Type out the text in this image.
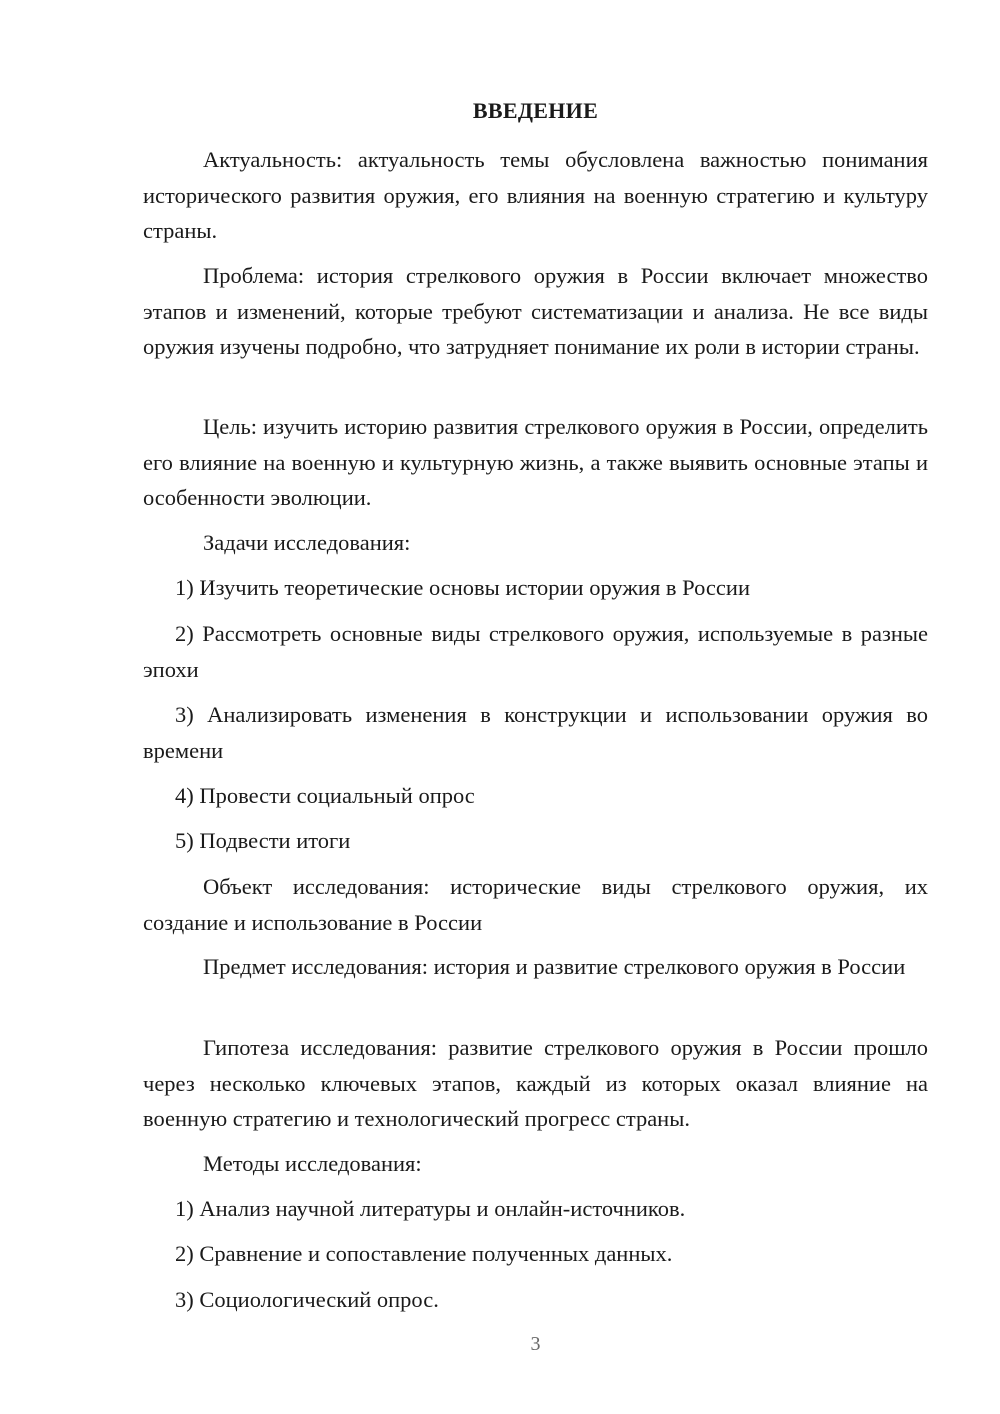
ВВЕДЕНИЕ

Актуальность: актуальность темы обусловлена важностью понимания исторического развития оружия, его влияния на военную стратегию и культуру страны.

Проблема: история стрелкового оружия в России включает множество этапов и изменений, которые требуют систематизации и анализа. Не все виды оружия изучены подробно, что затрудняет понимание их роли в истории страны.

Цель: изучить историю развития стрелкового оружия в России, определить его влияние на военную и культурную жизнь, а также выявить основные этапы и особенности эволюции.

Задачи исследования:

1) Изучить теоретические основы истории оружия в России

2) Рассмотреть основные виды стрелкового оружия, используемые в разные эпохи

3) Анализировать изменения в конструкции и использовании оружия во времени

4) Провести социальный опрос

5) Подвести итоги

Объект исследования: исторические виды стрелкового оружия, их создание и использование в России

Предмет исследования: история и развитие стрелкового оружия в России

Гипотеза исследования: развитие стрелкового оружия в России прошло через несколько ключевых этапов, каждый из которых оказал влияние на военную стратегию и технологический прогресс страны.

Методы исследования:

1) Анализ научной литературы и онлайн-источников.

2) Сравнение и сопоставление полученных данных.

3) Социологический опрос.

3
